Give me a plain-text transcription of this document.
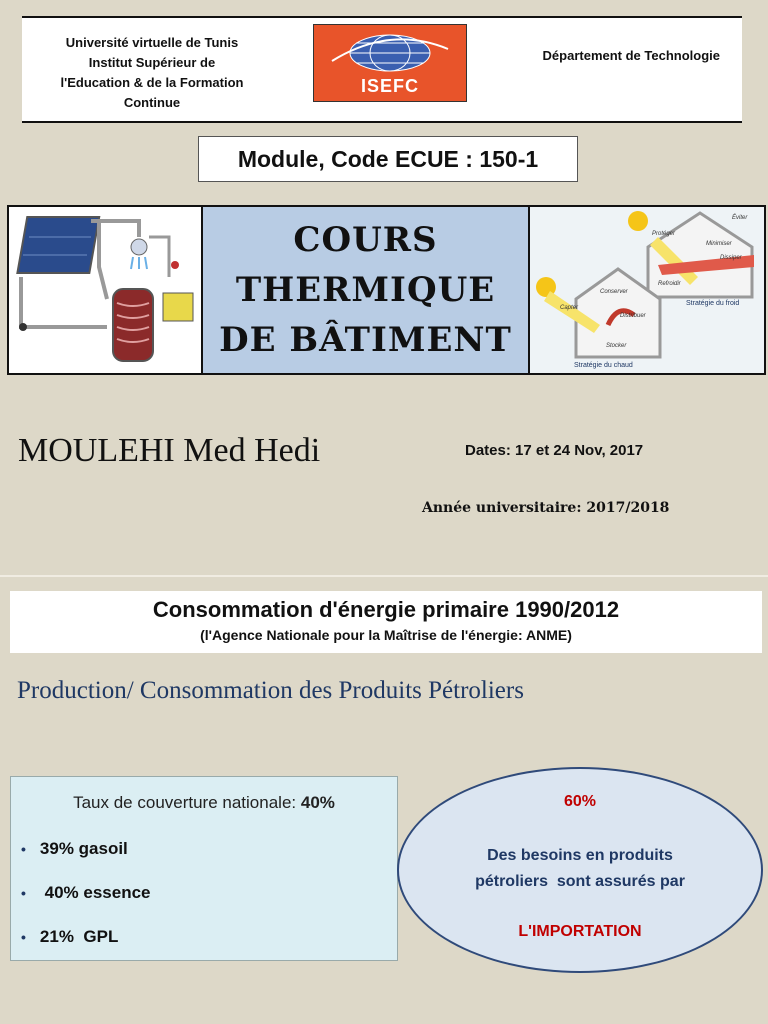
Université virtuelle de Tunis
Institut Supérieur de
l'Education & de la Formation
Continue
ISEFC
Département de Technologie
Module, Code ECUE : 150-1
COURS
THERMIQUE
DE BÂTIMENT
Protéger
Minimiser
Éviter
Dissiper
Refroidir
Stratégie du froid
Conserver
Capter
Distribuer
Stocker
Stratégie du chaud
MOULEHI Med Hedi	Dates: 17 et 24 Nov, 2017
Année universitaire: 2017/2018
Consommation d'énergie primaire 1990/2012
(l'Agence Nationale pour la Maîtrise de l'énergie: ANME)
Production/ Consommation des Produits Pétroliers
Taux de couverture nationale: 40%
• 39% gasoil
• 40% essence
• 21%  GPL
60%
Des besoins en produits
pétroliers  sont assurés par
L'IMPORTATION
